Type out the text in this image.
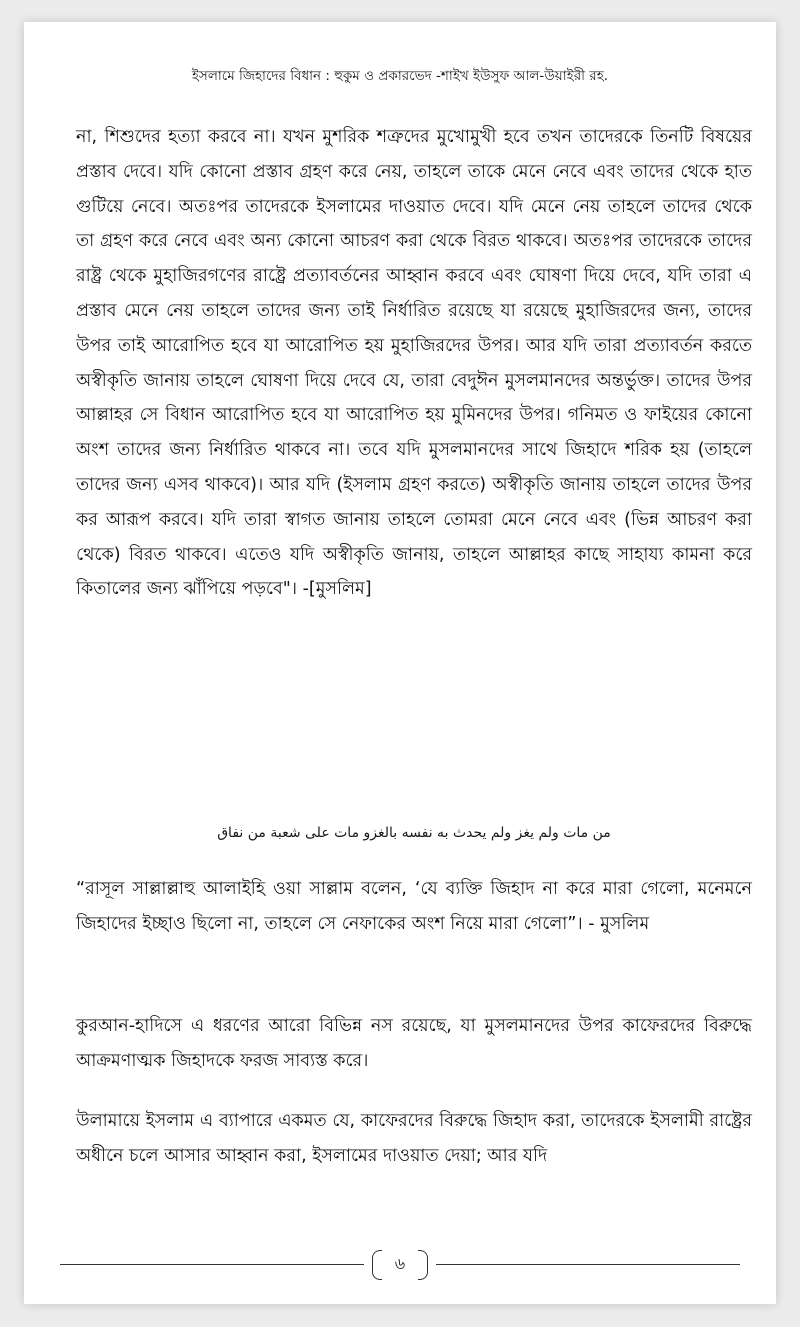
ইসলামে জিহাদের বিধান : হুকুম ও প্রকারভেদ -শাইখ ইউসুফ আল-উয়াইরী রহ.

না, শিশুদের হত্যা করবে না। যখন মুশরিক শত্রুদের মুখোমুখী হবে তখন তাদেরকে তিনটি বিষয়ের প্রস্তাব দেবে। যদি কোনো প্রস্তাব গ্রহণ করে নেয়, তাহলে তাকে মেনে নেবে এবং তাদের থেকে হাত গুটিয়ে নেবে। অতঃপর তাদেরকে ইসলামের দাওয়াত দেবে। যদি মেনে নেয় তাহলে তাদের থেকে তা গ্রহণ করে নেবে এবং অন্য কোনো আচরণ করা থেকে বিরত থাকবে। অতঃপর তাদেরকে তাদের রাষ্ট্র থেকে মুহাজিরগণের রাষ্ট্রে প্রত্যাবর্তনের আহ্বান করবে এবং ঘোষণা দিয়ে দেবে, যদি তারা এ প্রস্তাব মেনে নেয় তাহলে তাদের জন্য তাই নির্ধারিত রয়েছে যা রয়েছে মুহাজিরদের জন্য, তাদের উপর তাই আরোপিত হবে যা আরোপিত হয় মুহাজিরদের উপর। আর যদি তারা প্রত্যাবর্তন করতে অস্বীকৃতি জানায় তাহলে ঘোষণা দিয়ে দেবে যে, তারা বেদুঈন মুসলমানদের অন্তর্ভুক্ত। তাদের উপর আল্লাহর সে বিধান আরোপিত হবে যা আরোপিত হয় মুমিনদের উপর। গনিমত ও ফাইয়ের কোনো অংশ তাদের জন্য নির্ধারিত থাকবে না। তবে যদি মুসলমানদের সাথে জিহাদে শরিক হয় (তাহলে তাদের জন্য এসব থাকবে)। আর যদি (ইসলাম গ্রহণ করতে) অস্বীকৃতি জানায় তাহলে তাদের উপর কর আরূপ করবে। যদি তারা স্বাগত জানায় তাহলে তোমরা মেনে নেবে এবং (ভিন্ন আচরণ করা থেকে) বিরত থাকবে। এতেও যদি অস্বীকৃতি জানায়, তাহলে আল্লাহর কাছে সাহায্য কামনা করে কিতালের জন্য ঝাঁপিয়ে পড়বে"। -[মুসলিম]

من مات ولم يغز ولم يحدث به نفسه بالغزو مات على شعبة من نفاق

“রাসূল সাল্লাল্লাহু আলাইহি ওয়া সাল্লাম বলেন, ‘যে ব্যক্তি জিহাদ না করে মারা গেলো, মনেমনে জিহাদের ইচ্ছাও ছিলো না, তাহলে সে নেফাকের অংশ নিয়ে মারা গেলো”। - মুসলিম

কুরআন-হাদিসে এ ধরণের আরো বিভিন্ন নস রয়েছে, যা মুসলমানদের উপর কাফেরদের বিরুদ্ধে আক্রমণাত্মক জিহাদকে ফরজ সাব্যস্ত করে।

উলামায়ে ইসলাম এ ব্যাপারে একমত যে, কাফেরদের বিরুদ্ধে জিহাদ করা, তাদেরকে ইসলামী রাষ্ট্রের অধীনে চলে আসার আহ্বান করা, ইসলামের দাওয়াত দেয়া; আর যদি

৬
